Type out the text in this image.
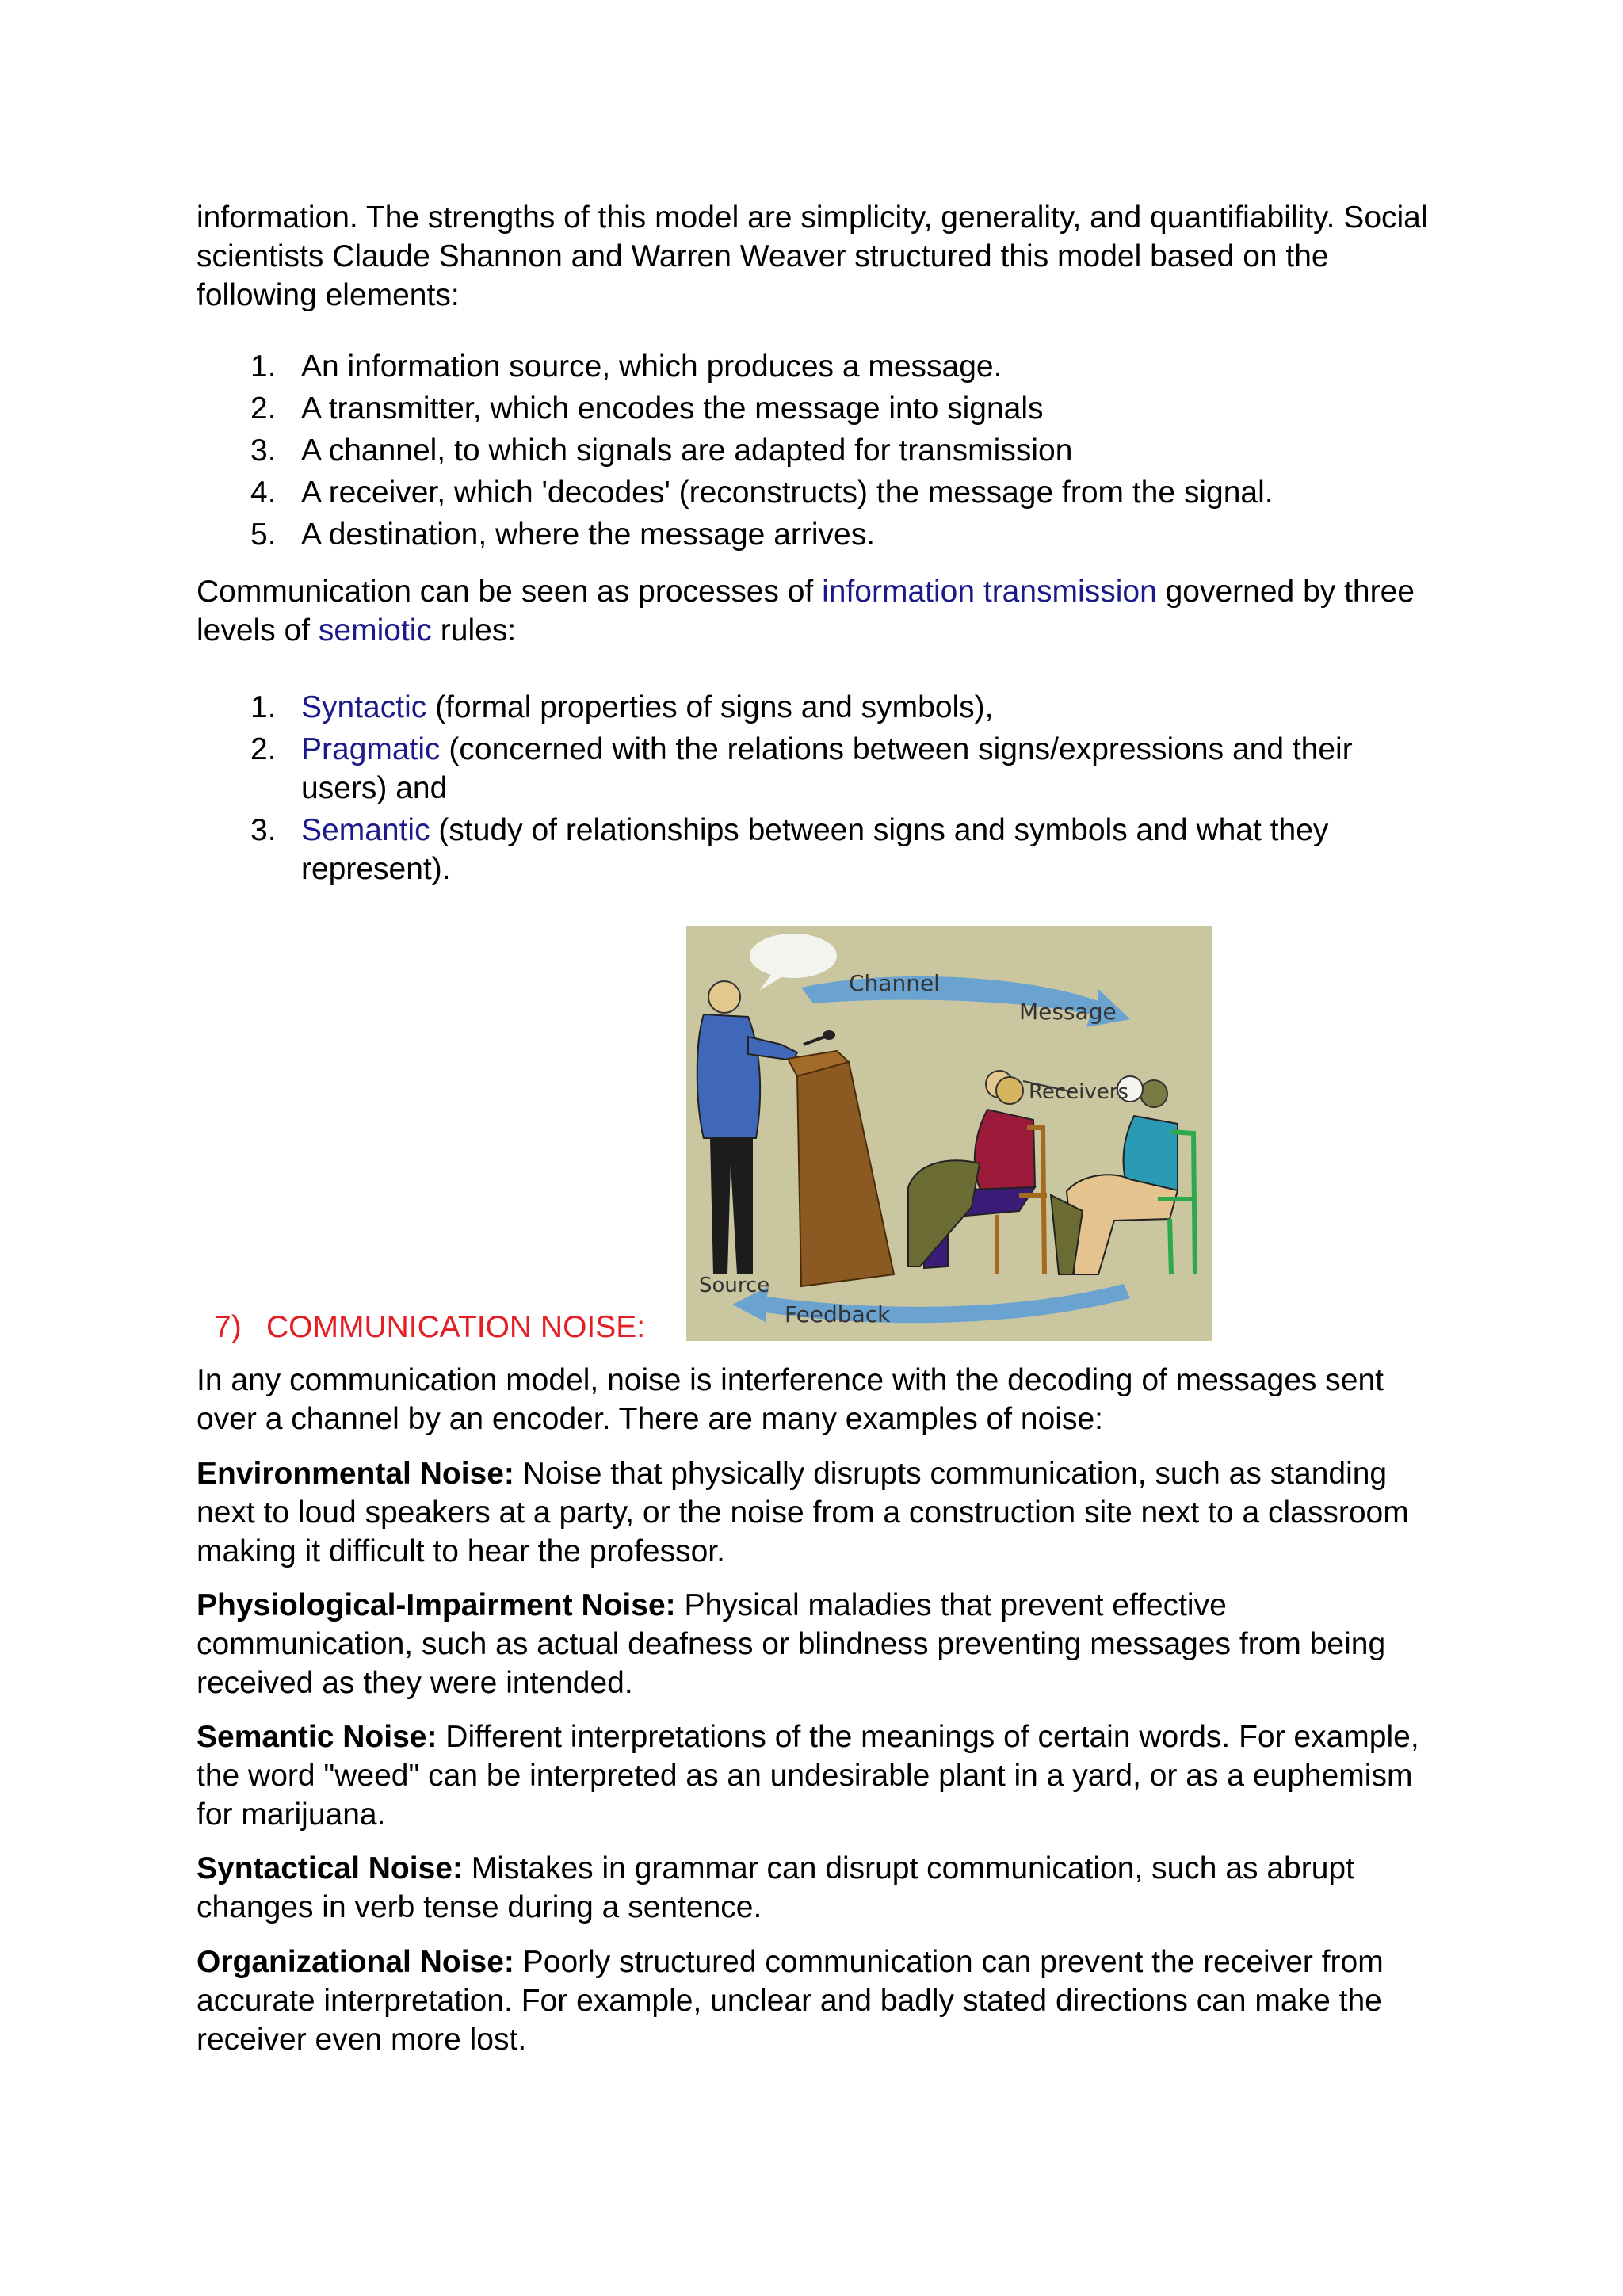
information. The strengths of this model are simplicity, generality, and quantifiability. Social scientists Claude Shannon and Warren Weaver structured this model based on the following elements:

1. An information source, which produces a message.
2. A transmitter, which encodes the message into signals
3. A channel, to which signals are adapted for transmission
4. A receiver, which 'decodes' (reconstructs) the message from the signal.
5. A destination, where the message arrives.

Communication can be seen as processes of information transmission governed by three levels of semiotic rules:

1. Syntactic (formal properties of signs and symbols),
2. Pragmatic (concerned with the relations between signs/expressions and their users) and
3. Semantic (study of relationships between signs and symbols and what they represent).
Channel
Message
Receivers
Source
Feedback

7) COMMUNICATION NOISE:

In any communication model, noise is interference with the decoding of messages sent over a channel by an encoder. There are many examples of noise:

Environmental Noise: Noise that physically disrupts communication, such as standing next to loud speakers at a party, or the noise from a construction site next to a classroom making it difficult to hear the professor.

Physiological-Impairment Noise: Physical maladies that prevent effective communication, such as actual deafness or blindness preventing messages from being received as they were intended.

Semantic Noise: Different interpretations of the meanings of certain words. For example, the word "weed" can be interpreted as an undesirable plant in a yard, or as a euphemism for marijuana.

Syntactical Noise: Mistakes in grammar can disrupt communication, such as abrupt changes in verb tense during a sentence.

Organizational Noise: Poorly structured communication can prevent the receiver from accurate interpretation. For example, unclear and badly stated directions can make the receiver even more lost.
